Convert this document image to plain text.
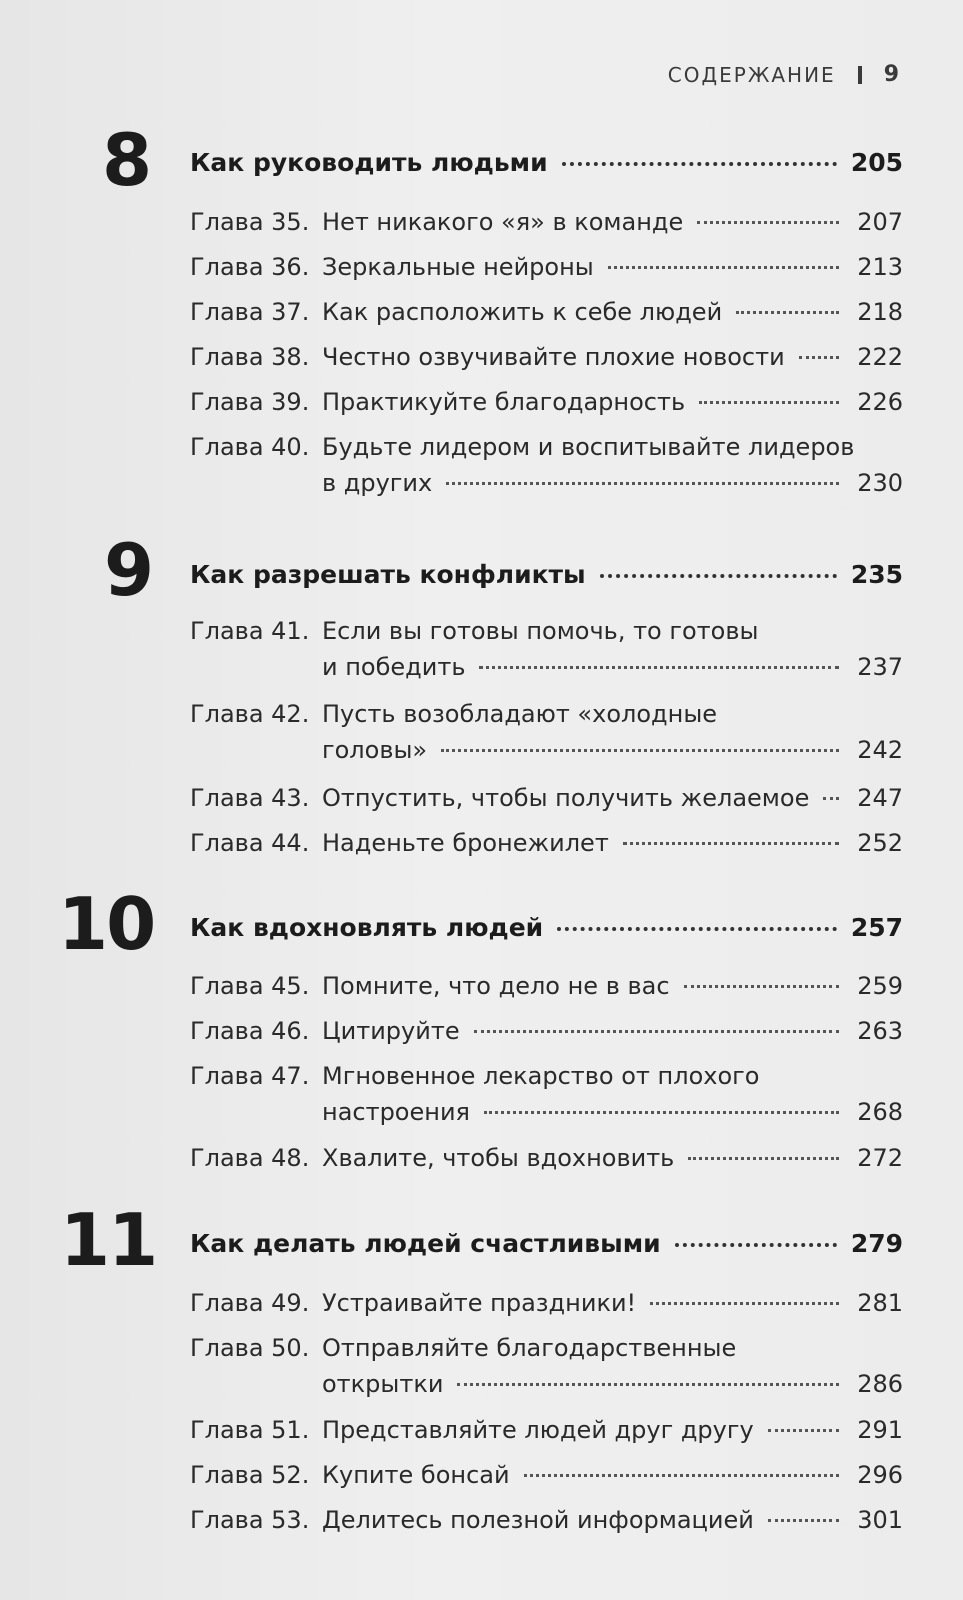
СОДЕРЖАНИЕ 9
8 Как руководить людьми	205
Глава 35. Нет никакого «я» в команде	207
Глава 36. Зеркальные нейроны	213
Глава 37. Как расположить к себе людей	218
Глава 38. Честно озвучивайте плохие новости	222
Глава 39. Практикуйте благодарность	226
Глава 40. Будьте лидером и воспитывайте лидеров
в других	230
9 Как разрешать конфликты	235
Глава 41. Если вы готовы помочь, то готовы
и победить	237
Глава 42. Пусть возобладают «холодные
головы»	242
Глава 43. Отпустить, чтобы получить желаемое 247
Глава 44. Наденьте бронежилет	252
10 Как вдохновлять людей	257
Глава 45. Помните, что дело не в вас	259
Глава 46. Цитируйте	263
Глава 47. Мгновенное лекарство от плохого
настроения	268
Глава 48. Хвалите, чтобы вдохновить	272
11 Как делать людей счастливыми	279
Глава 49. Устраивайте праздники!	281
Глава 50. Отправляйте благодарственные
открытки	286
Глава 51. Представляйте людей друг другу	291
Глава 52. Купите бонсай	296
Глава 53. Делитесь полезной информацией	301
